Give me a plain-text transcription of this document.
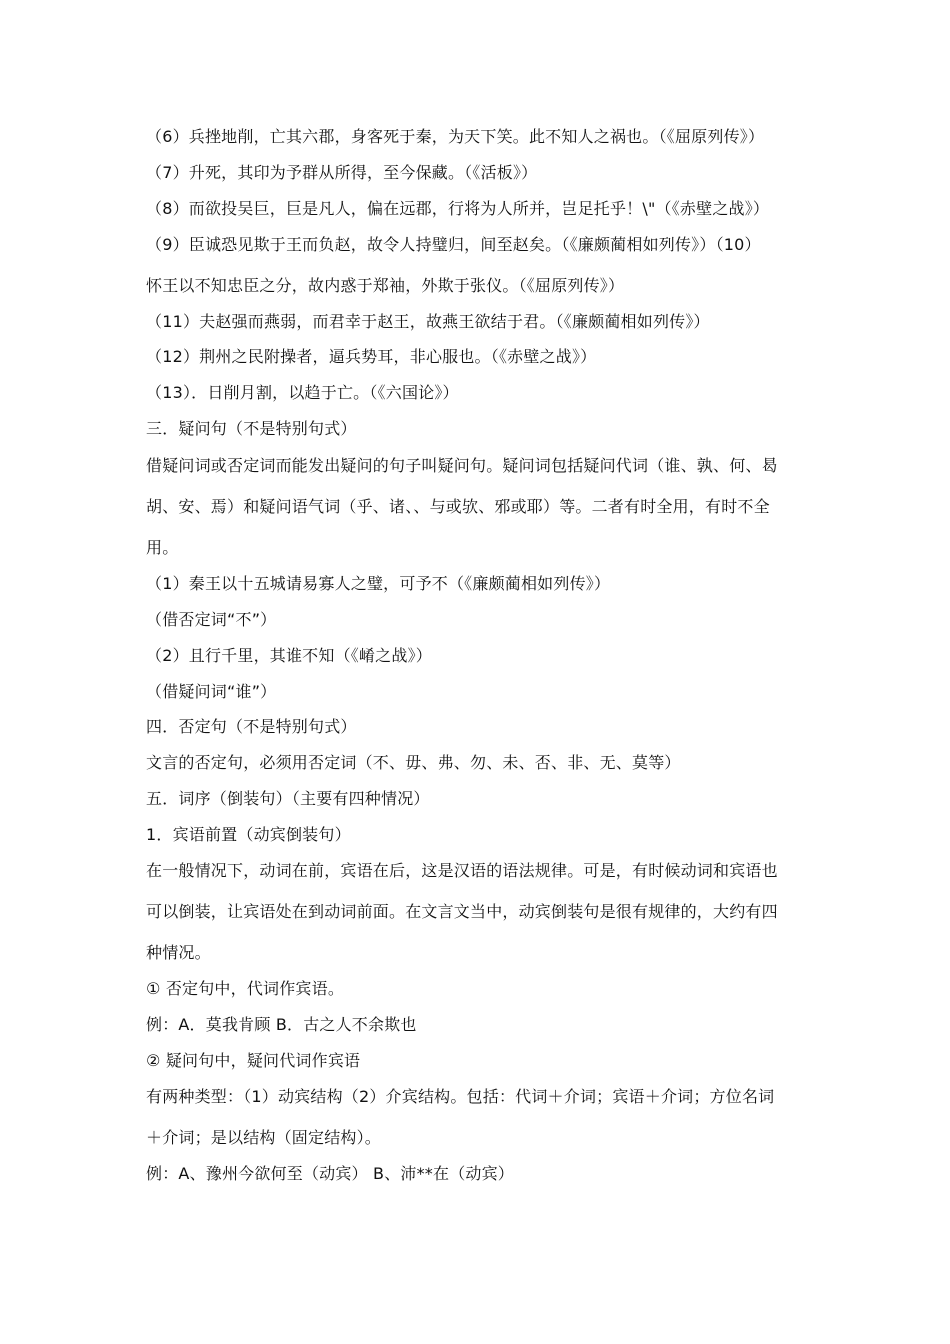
（6）兵挫地削，亡其六郡，身客死于秦，为天下笑。此不知人之祸也。（《屈原列传》）
（7）升死，其印为予群从所得，至今保藏。（《活板》）
（8）而欲投吴巨，巨是凡人，偏在远郡，行将为人所并，岂足托乎！\"（《赤壁之战》）
（9）臣诚恐见欺于王而负赵，故令人持璧归，间至赵矣。（《廉颇蔺相如列传》）（10）
怀王以不知忠臣之分，故内惑于郑袖，外欺于张仪。（《屈原列传》）
（11）夫赵强而燕弱，而君幸于赵王，故燕王欲结于君。（《廉颇蔺相如列传》）
（12）荆州之民附操者，逼兵势耳，非心服也。（《赤壁之战》）
（13）．日削月割，以趋于亡。（《六国论》）
三．疑问句（不是特别句式）
借疑问词或否定词而能发出疑问的句子叫疑问句。疑问词包括疑问代词（谁、孰、何、曷
胡、安、焉）和疑问语气词（乎、诸、、与或欤、邪或耶）等。二者有时全用，有时不全
用。
（1）秦王以十五城请易寡人之璧，可予不（《廉颇蔺相如列传》）
（借否定词“不”）
（2）且行千里，其谁不知（《崤之战》）
（借疑问词“谁”）
四．否定句（不是特别句式）
文言的否定句，必须用否定词（不、毋、弗、勿、未、否、非、无、莫等）
五．词序（倒装句）（主要有四种情况）
1．宾语前置（动宾倒装句）
在一般情况下，动词在前，宾语在后，这是汉语的语法规律。可是，有时候动词和宾语也
可以倒装，让宾语处在到动词前面。在文言文当中，动宾倒装句是很有规律的，大约有四
种情况。
① 否定句中，代词作宾语。
例：A．莫我肯顾 B．古之人不余欺也
② 疑问句中，疑问代词作宾语
有两种类型：（1）动宾结构（2）介宾结构。包括：代词＋介词；宾语＋介词；方位名词
＋介词；是以结构（固定结构）。
例：A、豫州今欲何至（动宾） B、沛**在（动宾）
